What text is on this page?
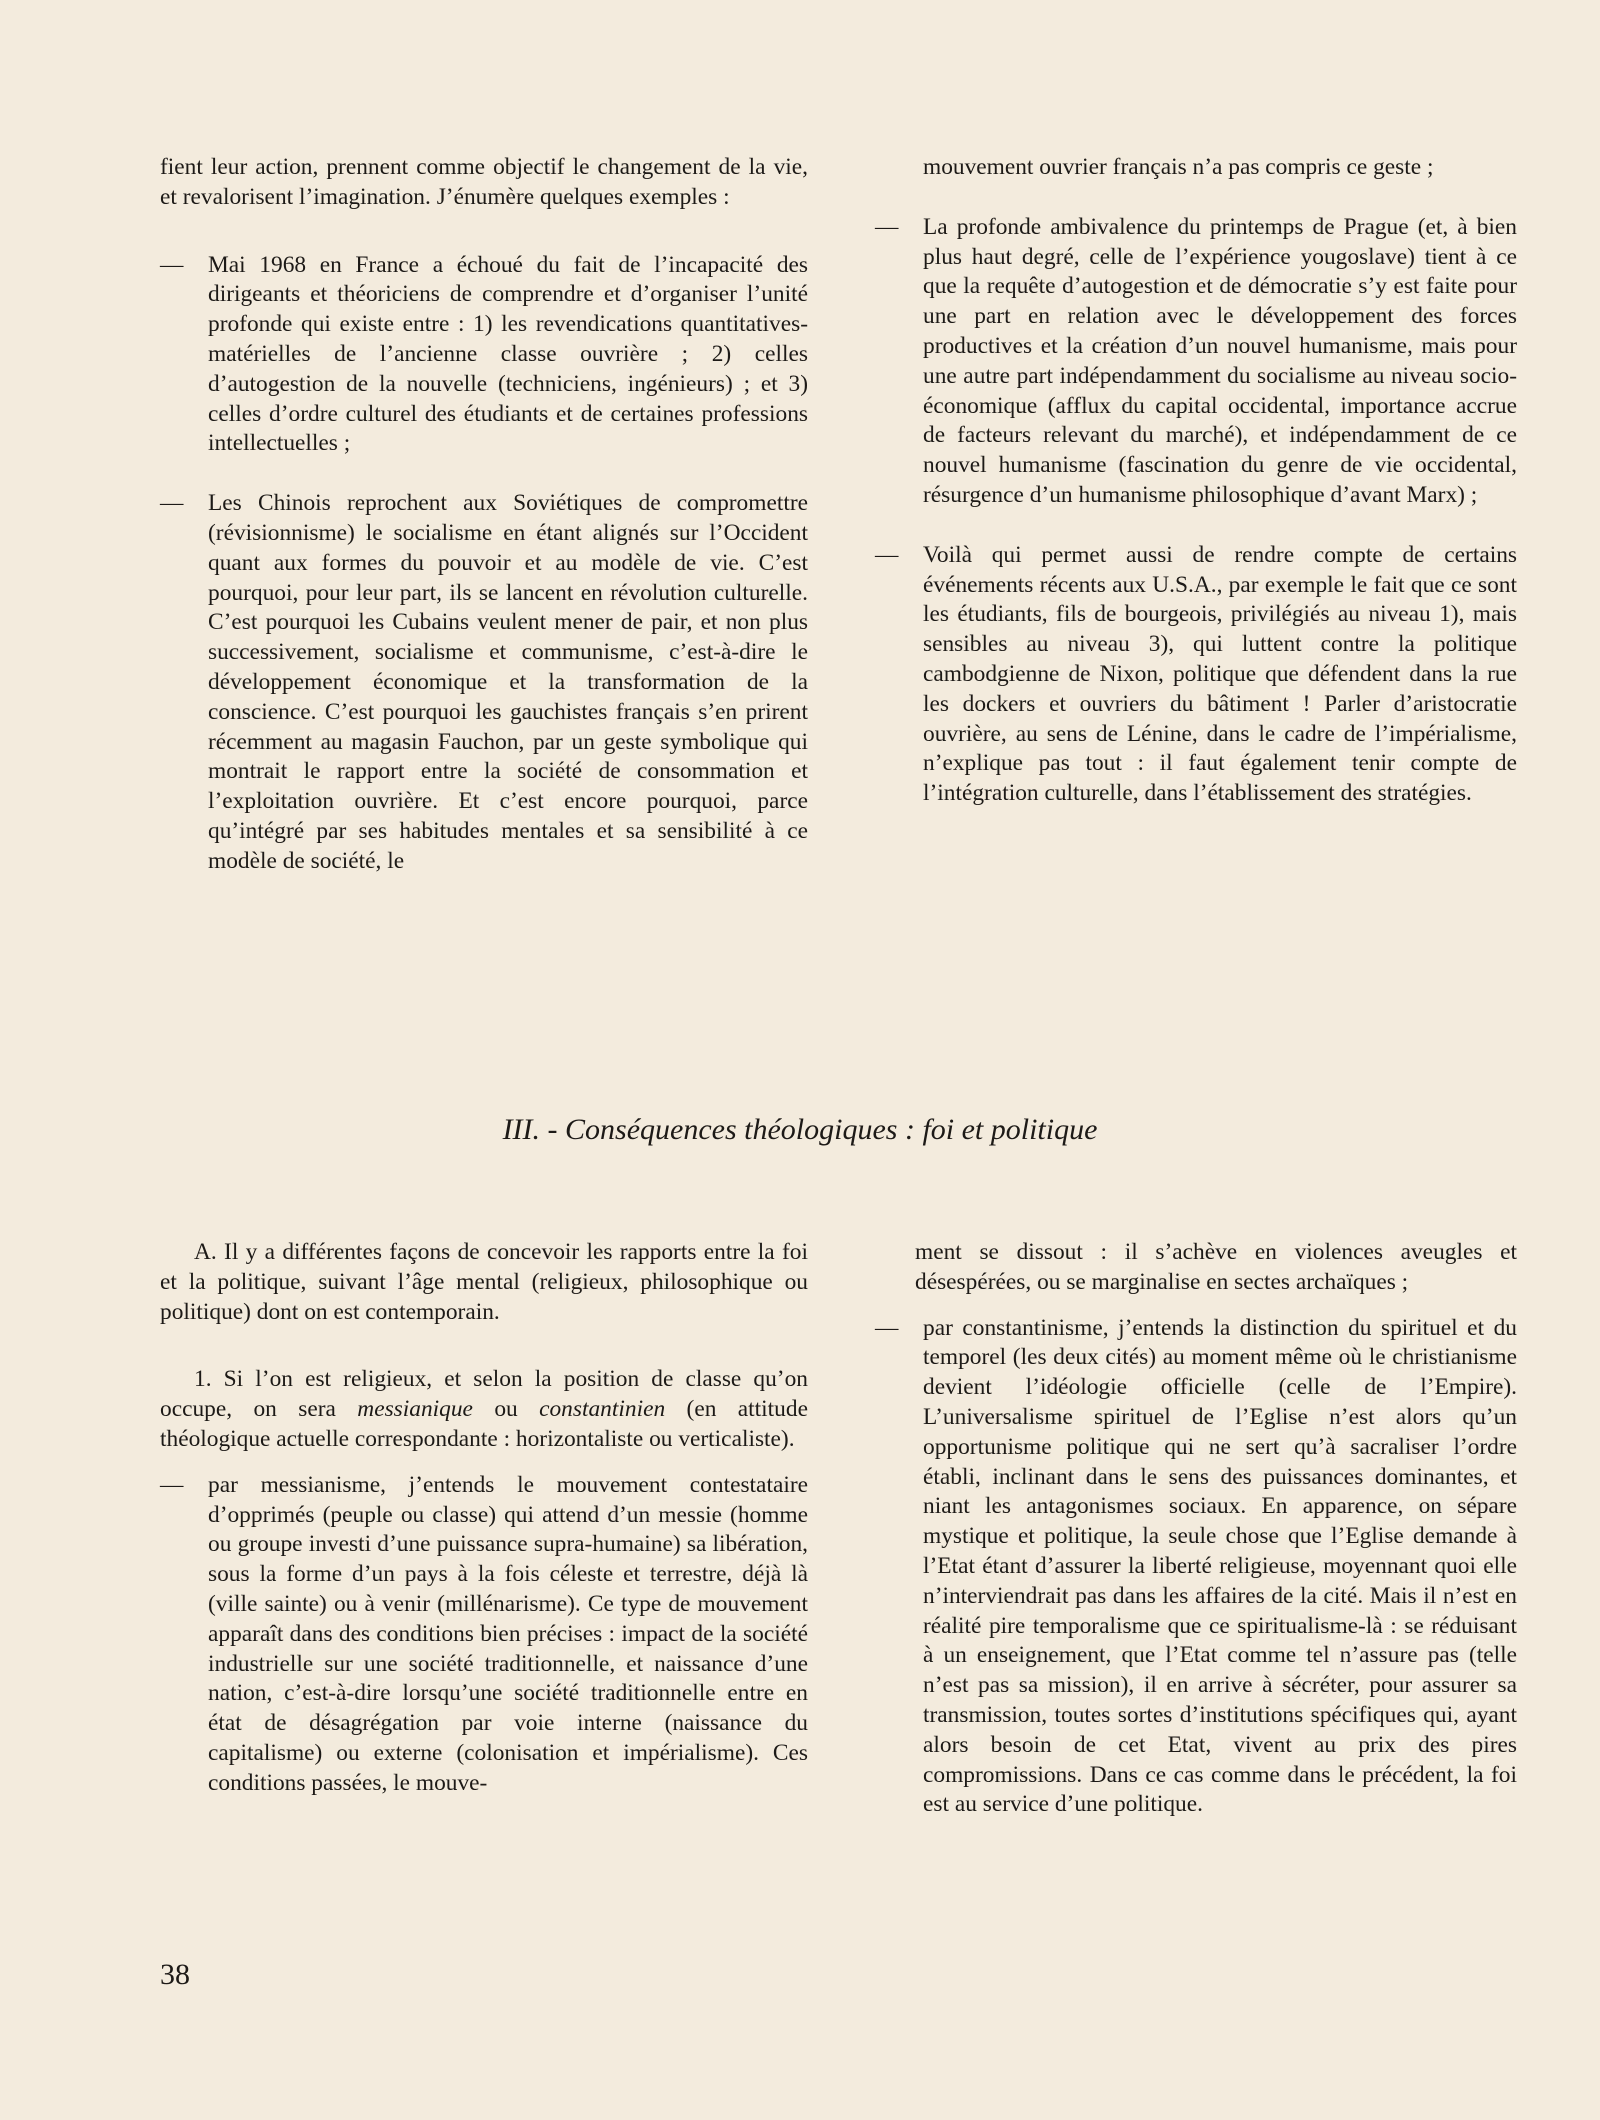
fient leur action, prennent comme objectif le changement de la vie, et revalorisent l’imagination. J’énumère quelques exemples :

— Mai 1968 en France a échoué du fait de l’incapacité des dirigeants et théoriciens de comprendre et d’organiser l’unité profonde qui existe entre : 1) les revendications quantitatives-matérielles de l’ancienne classe ouvrière ; 2) celles d’autogestion de la nouvelle (techniciens, ingénieurs) ; et 3) celles d’ordre culturel des étudiants et de certaines professions intellectuelles ;

— Les Chinois reprochent aux Soviétiques de compromettre (révisionnisme) le socialisme en étant alignés sur l’Occident quant aux formes du pouvoir et au modèle de vie. C’est pourquoi, pour leur part, ils se lancent en révolution culturelle. C’est pourquoi les Cubains veulent mener de pair, et non plus successivement, socialisme et communisme, c’est-à-dire le développement économique et la transformation de la conscience. C’est pourquoi les gauchistes français s’en prirent récemment au magasin Fauchon, par un geste symbolique qui montrait le rapport entre la société de consommation et l’exploitation ouvrière. Et c’est encore pourquoi, parce qu’intégré par ses habitudes mentales et sa sensibilité à ce modèle de société, le

mouvement ouvrier français n’a pas compris ce geste ;

— La profonde ambivalence du printemps de Prague (et, à bien plus haut degré, celle de l’expérience yougoslave) tient à ce que la requête d’autogestion et de démocratie s’y est faite pour une part en relation avec le développement des forces productives et la création d’un nouvel humanisme, mais pour une autre part indépendamment du socialisme au niveau socio-économique (afflux du capital occidental, importance accrue de facteurs relevant du marché), et indépendamment de ce nouvel humanisme (fascination du genre de vie occidental, résurgence d’un humanisme philosophique d’avant Marx) ;

— Voilà qui permet aussi de rendre compte de certains événements récents aux U.S.A., par exemple le fait que ce sont les étudiants, fils de bourgeois, privilégiés au niveau 1), mais sensibles au niveau 3), qui luttent contre la politique cambodgienne de Nixon, politique que défendent dans la rue les dockers et ouvriers du bâtiment ! Parler d’aristocratie ouvrière, au sens de Lénine, dans le cadre de l’impérialisme, n’explique pas tout : il faut également tenir compte de l’intégration culturelle, dans l’établissement des stratégies.

III. - Conséquences théologiques : foi et politique

A. Il y a différentes façons de concevoir les rapports entre la foi et la politique, suivant l’âge mental (religieux, philosophique ou politique) dont on est contemporain.

1. Si l’on est religieux, et selon la position de classe qu’on occupe, on sera messianique ou constantinien (en attitude théologique actuelle correspondante : horizontaliste ou verticaliste).

— par messianisme, j’entends le mouvement contestataire d’opprimés (peuple ou classe) qui attend d’un messie (homme ou groupe investi d’une puissance supra-humaine) sa libération, sous la forme d’un pays à la fois céleste et terrestre, déjà là (ville sainte) ou à venir (millénarisme). Ce type de mouvement apparaît dans des conditions bien précises : impact de la société industrielle sur une société traditionnelle, et naissance d’une nation, c’est-à-dire lorsqu’une société traditionnelle entre en état de désagrégation par voie interne (naissance du capitalisme) ou externe (colonisation et impérialisme). Ces conditions passées, le mouve-

ment se dissout : il s’achève en violences aveugles et désespérées, ou se marginalise en sectes archaïques ;

— par constantinisme, j’entends la distinction du spirituel et du temporel (les deux cités) au moment même où le christianisme devient l’idéologie officielle (celle de l’Empire). L’universalisme spirituel de l’Eglise n’est alors qu’un opportunisme politique qui ne sert qu’à sacraliser l’ordre établi, inclinant dans le sens des puissances dominantes, et niant les antagonismes sociaux. En apparence, on sépare mystique et politique, la seule chose que l’Eglise demande à l’Etat étant d’assurer la liberté religieuse, moyennant quoi elle n’interviendrait pas dans les affaires de la cité. Mais il n’est en réalité pire temporalisme que ce spiritualisme-là : se réduisant à un enseignement, que l’Etat comme tel n’assure pas (telle n’est pas sa mission), il en arrive à sécréter, pour assurer sa transmission, toutes sortes d’institutions spécifiques qui, ayant alors besoin de cet Etat, vivent au prix des pires compromissions. Dans ce cas comme dans le précédent, la foi est au service d’une politique.

38
